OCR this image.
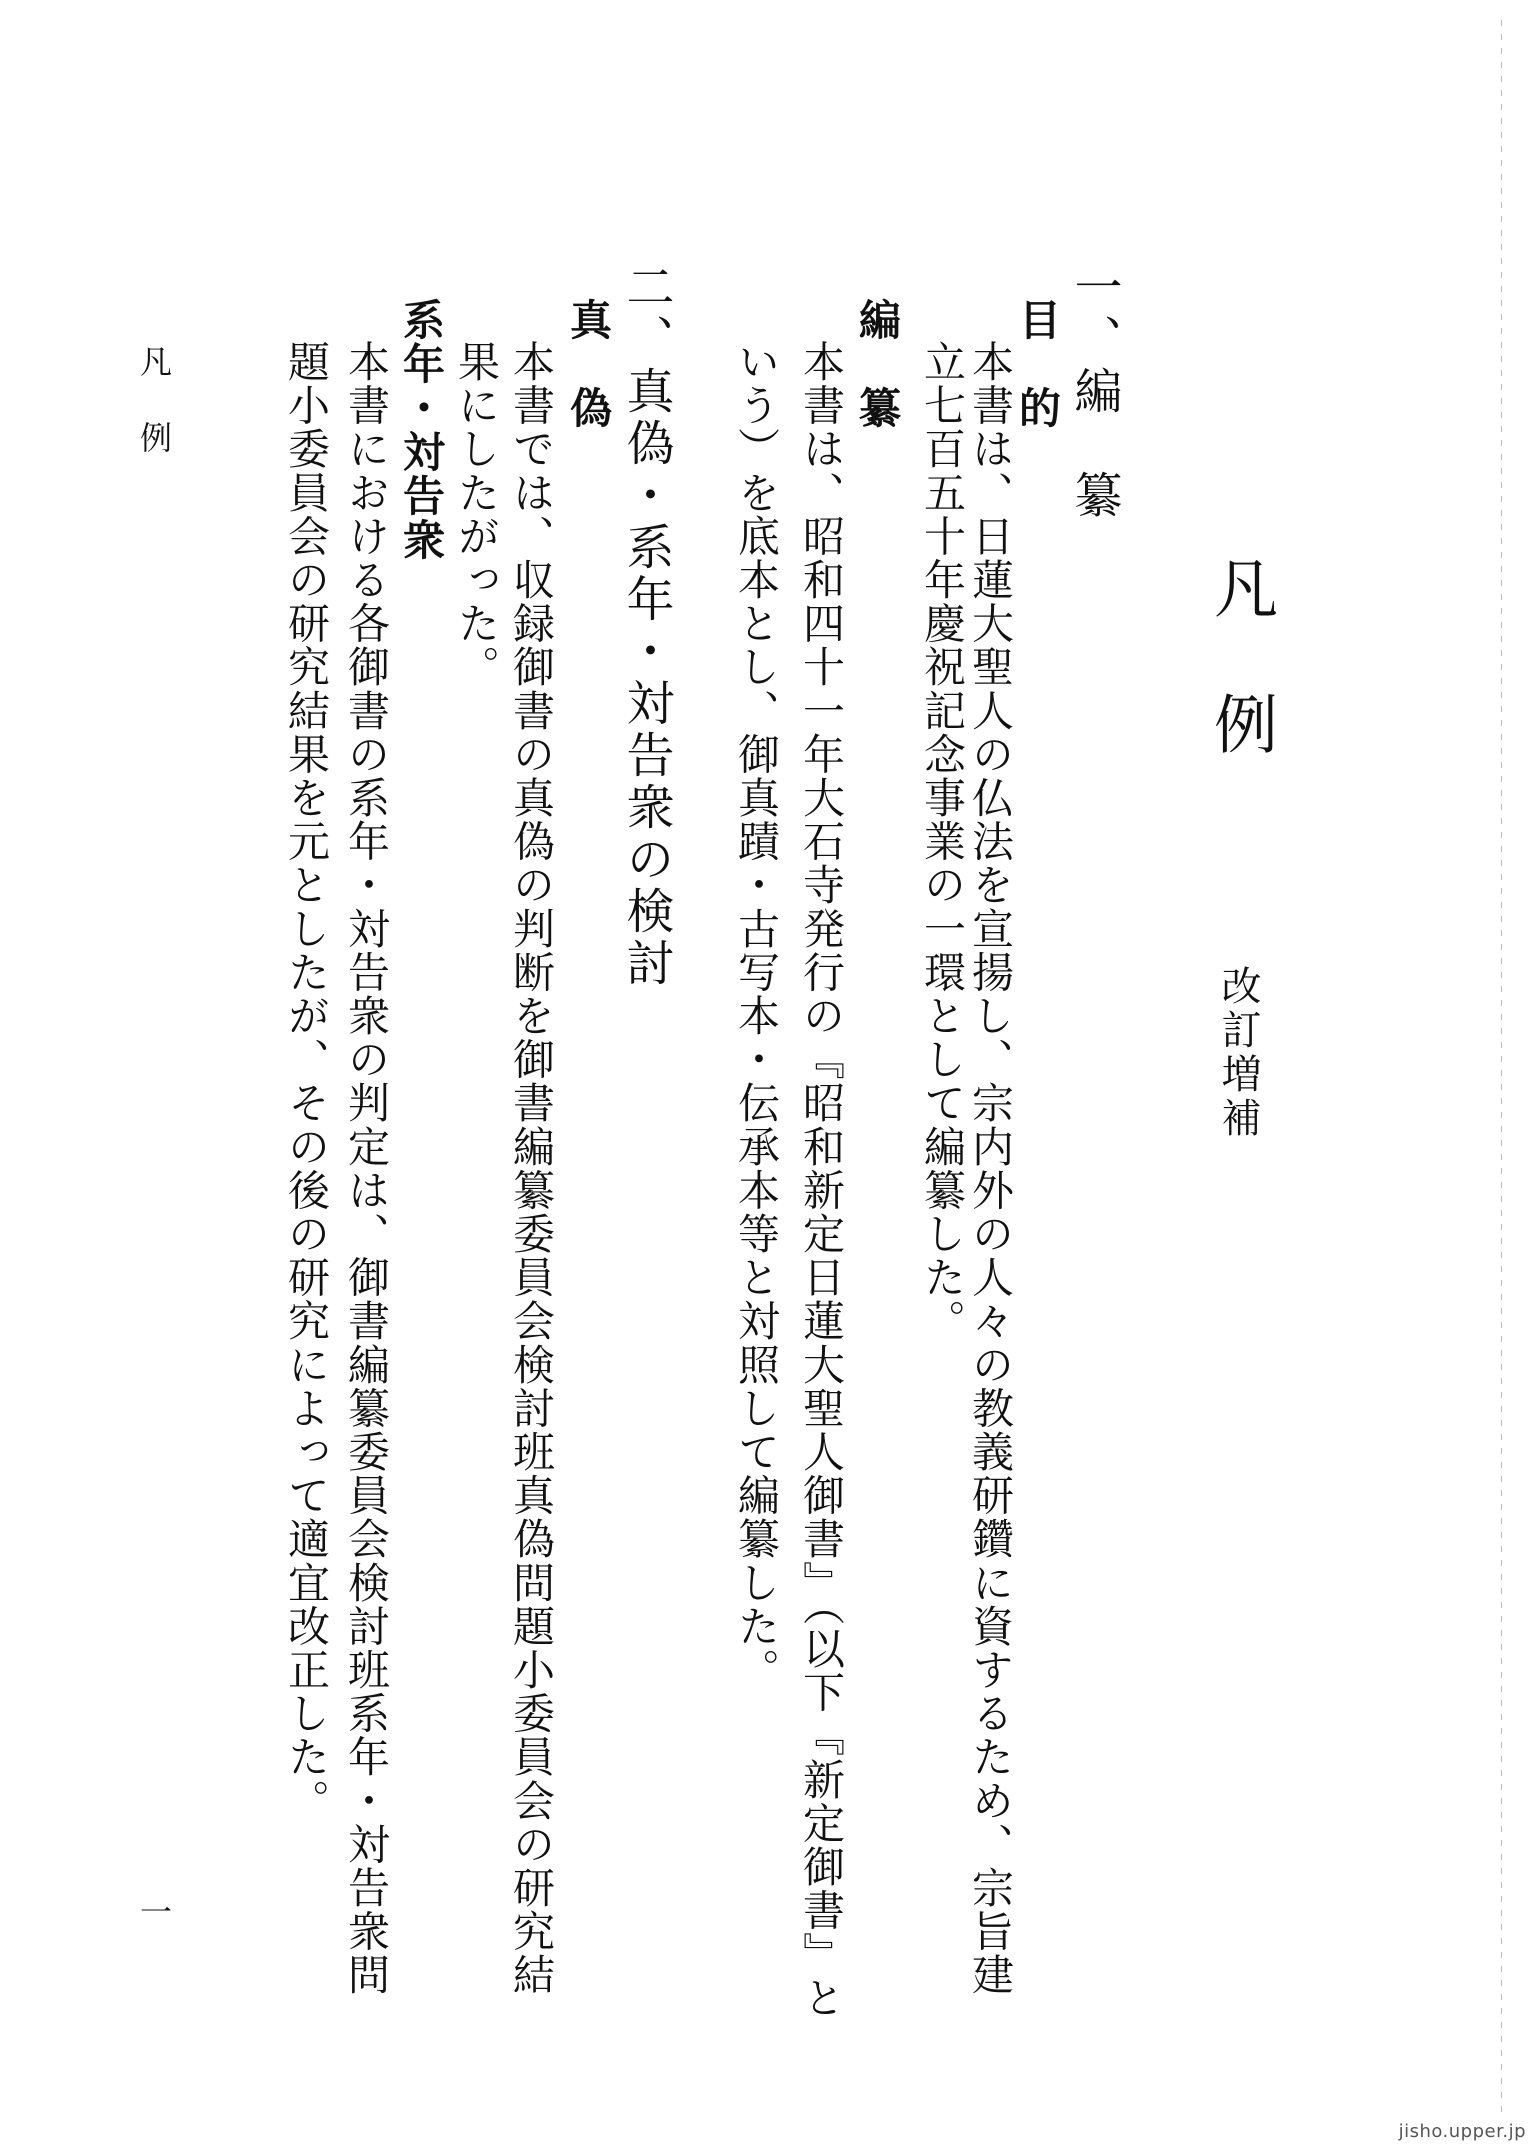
凡例
改訂増補
一、編　纂
目　的
本書は、日蓮大聖人の仏法を宣揚し、宗内外の人々の教義研鑽に資するため、宗旨建
立七百五十年慶祝記念事業の一環として編纂した。
編　纂
本書は、昭和四十一年大石寺発行の『昭和新定日蓮大聖人御書』（以下『新定御書』と
いう）を底本とし、御真蹟・古写本・伝承本等と対照して編纂した。
二、真偽・系年・対告衆の検討
真　偽
本書では、収録御書の真偽の判断を御書編纂委員会検討班真偽問題小委員会の研究結
果にしたがった。
系年・対告衆
本書における各御書の系年・対告衆の判定は、御書編纂委員会検討班系年・対告衆問
題小委員会の研究結果を元としたが、その後の研究によって適宜改正した。
凡例
一
jisho.upper.jp
